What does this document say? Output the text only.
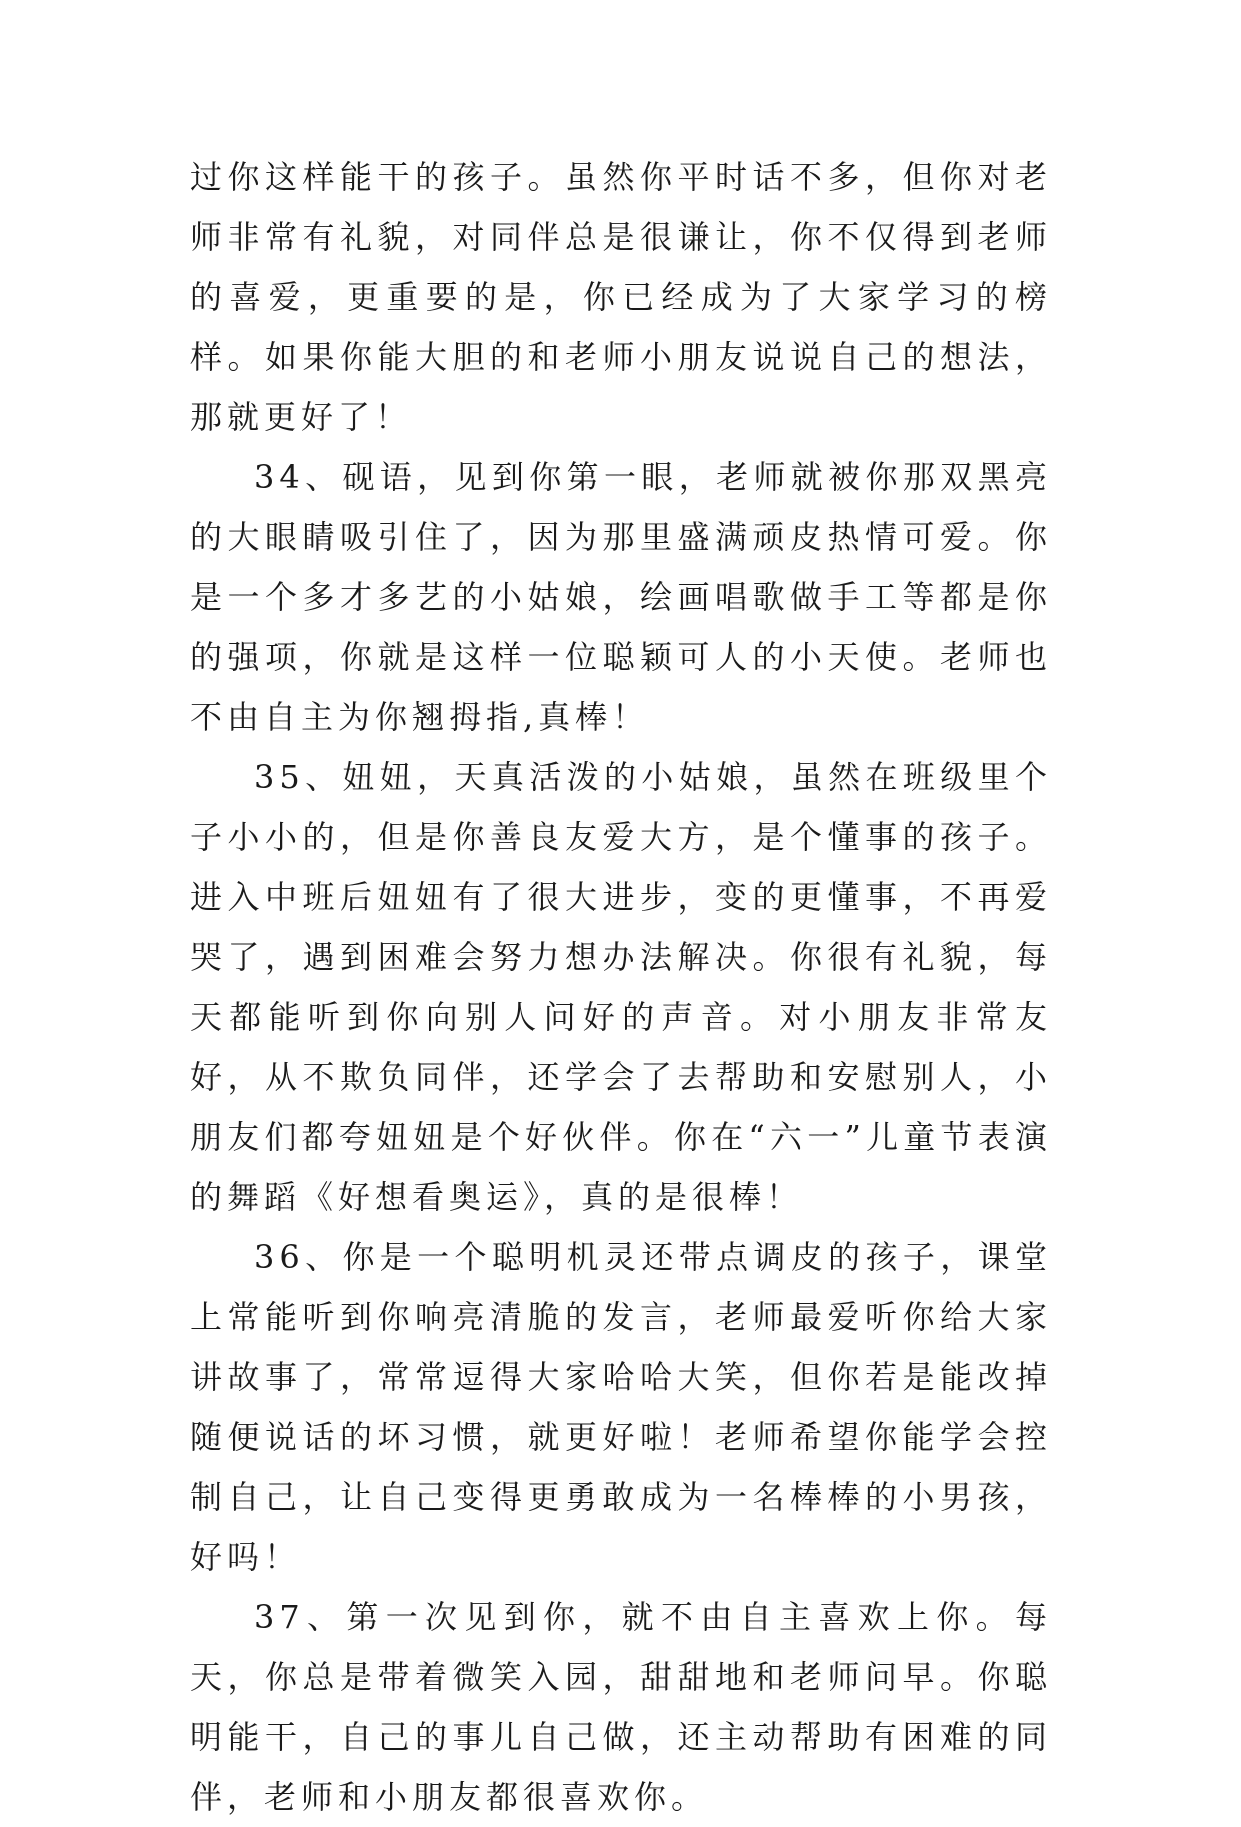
过你这样能干的孩子。虽然你平时话不多，但你对老师非常有礼貌，对同伴总是很谦让，你不仅得到老师的喜爱，更重要的是，你已经成为了大家学习的榜样。如果你能大胆的和老师小朋友说说自己的想法，那就更好了！

34、砚语，见到你第一眼，老师就被你那双黑亮的大眼睛吸引住了，因为那里盛满顽皮热情可爱。你是一个多才多艺的小姑娘，绘画唱歌做手工等都是你的强项，你就是这样一位聪颖可人的小天使。老师也不由自主为你翘拇指,真棒！

35、妞妞，天真活泼的小姑娘，虽然在班级里个子小小的，但是你善良友爱大方，是个懂事的孩子。进入中班后妞妞有了很大进步，变的更懂事，不再爱哭了，遇到困难会努力想办法解决。你很有礼貌，每天都能听到你向别人问好的声音。对小朋友非常友好，从不欺负同伴，还学会了去帮助和安慰别人，小朋友们都夸妞妞是个好伙伴。你在“六一”儿童节表演的舞蹈《好想看奥运》，真的是很棒！

36、你是一个聪明机灵还带点调皮的孩子，课堂上常能听到你响亮清脆的发言，老师最爱听你给大家讲故事了，常常逗得大家哈哈大笑，但你若是能改掉随便说话的坏习惯，就更好啦！老师希望你能学会控制自己，让自己变得更勇敢成为一名棒棒的小男孩，好吗！

37、第一次见到你，就不由自主喜欢上你。每天，你总是带着微笑入园，甜甜地和老师问早。你聪明能干，自己的事儿自己做，还主动帮助有困难的同伴，老师和小朋友都很喜欢你。
